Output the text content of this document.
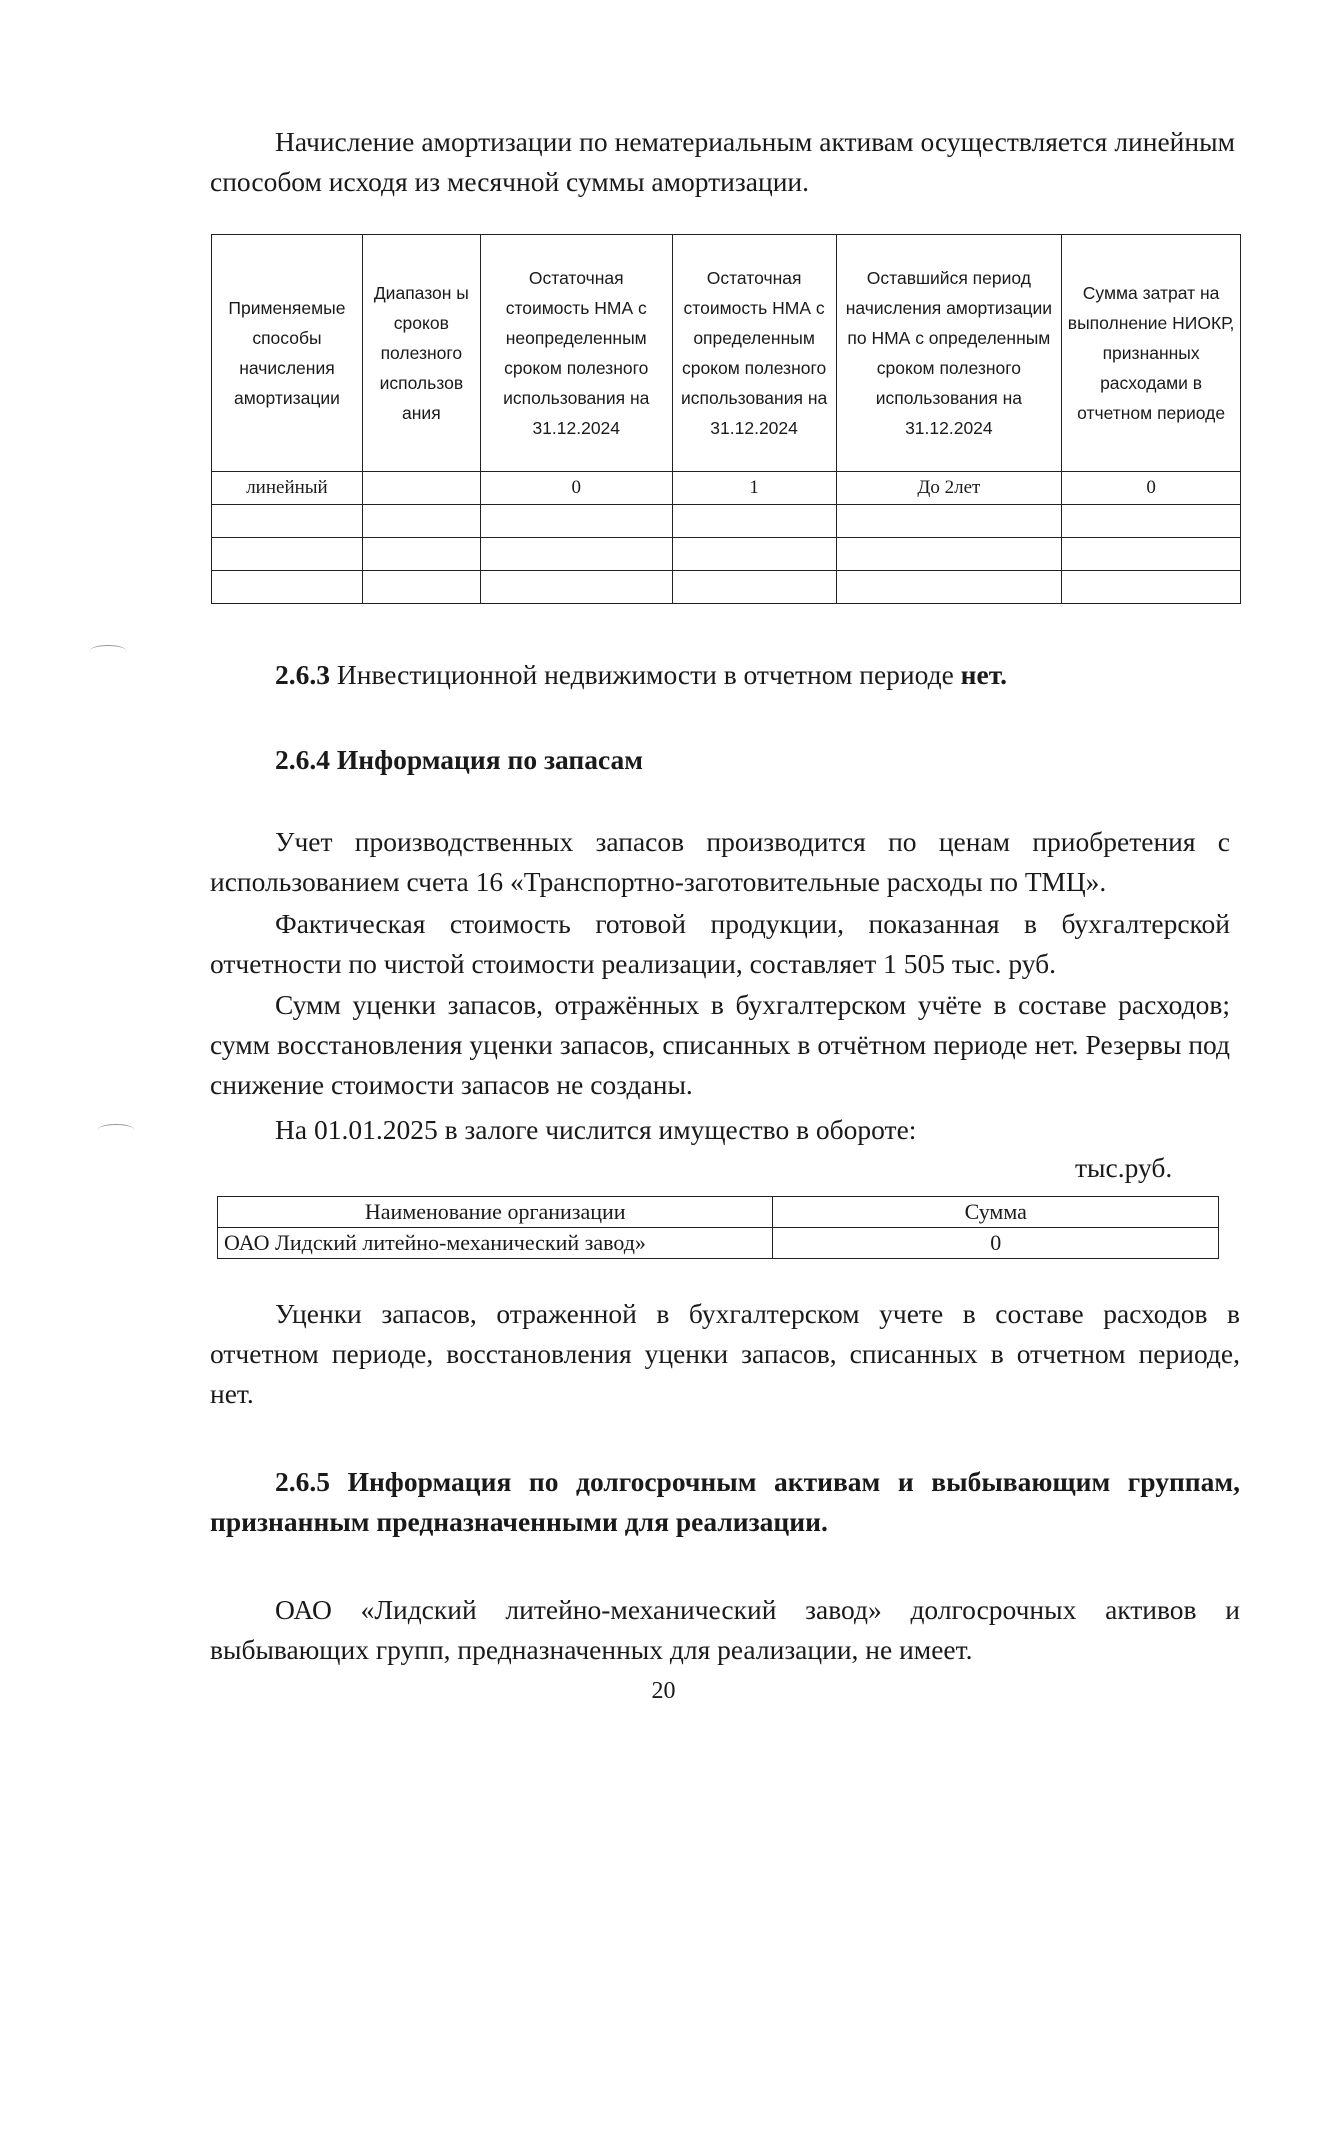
Начисление амортизации по нематериальным активам осуществляется линейным способом исходя из месячной суммы амортизации.
Применяемые способы начисления амортизации	Диапазон ы сроков полезного использов ания	Остаточная стоимость НМА с неопределенным сроком полезного использования на 31.12.2024	Остаточная стоимость НМА с определенным сроком полезного использования на 31.12.2024	Оставшийся период начисления амортизации по НМА с определенным сроком полезного использования на 31.12.2024	Сумма затрат на выполнение НИОКР, признанных расходами в отчетном периоде
линейный		0	1	До 2лет	0

2.6.3 Инвестиционной недвижимости в отчетном периоде нет.
2.6.4 Информация по запасам
Учет производственных запасов производится по ценам приобретения с использованием счета 16 «Транспортно-заготовительные расходы по ТМЦ».
Фактическая стоимость готовой продукции, показанная в бухгалтерской отчетности по чистой стоимости реализации, составляет 1 505 тыс. руб.
Сумм уценки запасов, отражённых в бухгалтерском учёте в составе расходов; сумм восстановления уценки запасов, списанных в отчётном периоде нет. Резервы под снижение стоимости запасов не созданы.
На 01.01.2025 в залоге числится имущество в обороте:
тыс.руб.
Наименование организации	Сумма
ОАО Лидский литейно-механический завод»	0
Уценки запасов, отраженной в бухгалтерском учете в составе расходов в отчетном периоде, восстановления уценки запасов, списанных в отчетном периоде, нет.
2.6.5 Информация по долгосрочным активам и выбывающим группам, признанным предназначенными для реализации.
ОАО «Лидский литейно-механический завод» долгосрочных активов и выбывающих групп, предназначенных для реализации, не имеет.
20
